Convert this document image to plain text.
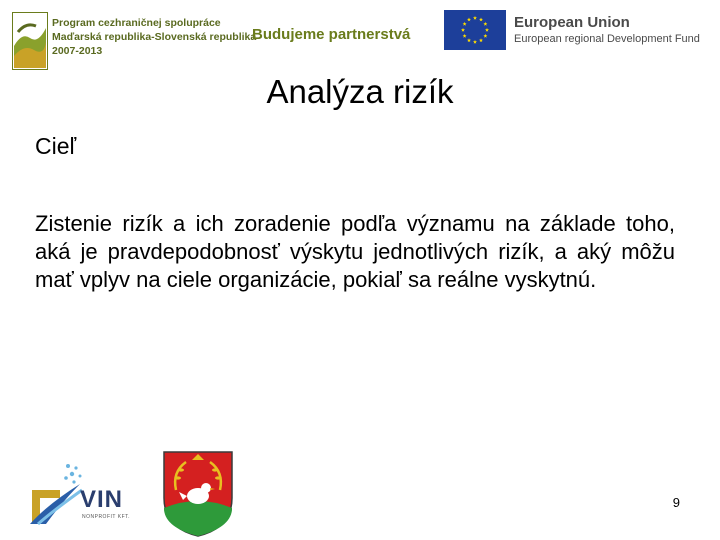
Program cezhraničnej spolupráce
Maďarská republika-Slovenská republika
2007-2013
Budujeme partnerstvá
European Union
European regional Development Fund
Analýza rizík
Cieľ
Zistenie rizík a ich zoradenie podľa významu na základe toho, aká je pravdepodobnosť výskytu jednotlivých rizík, a aký môžu mať vplyv na ciele organizácie, pokiaľ sa reálne vyskytnú.
VIN
NONPROFIT KFT.
9
